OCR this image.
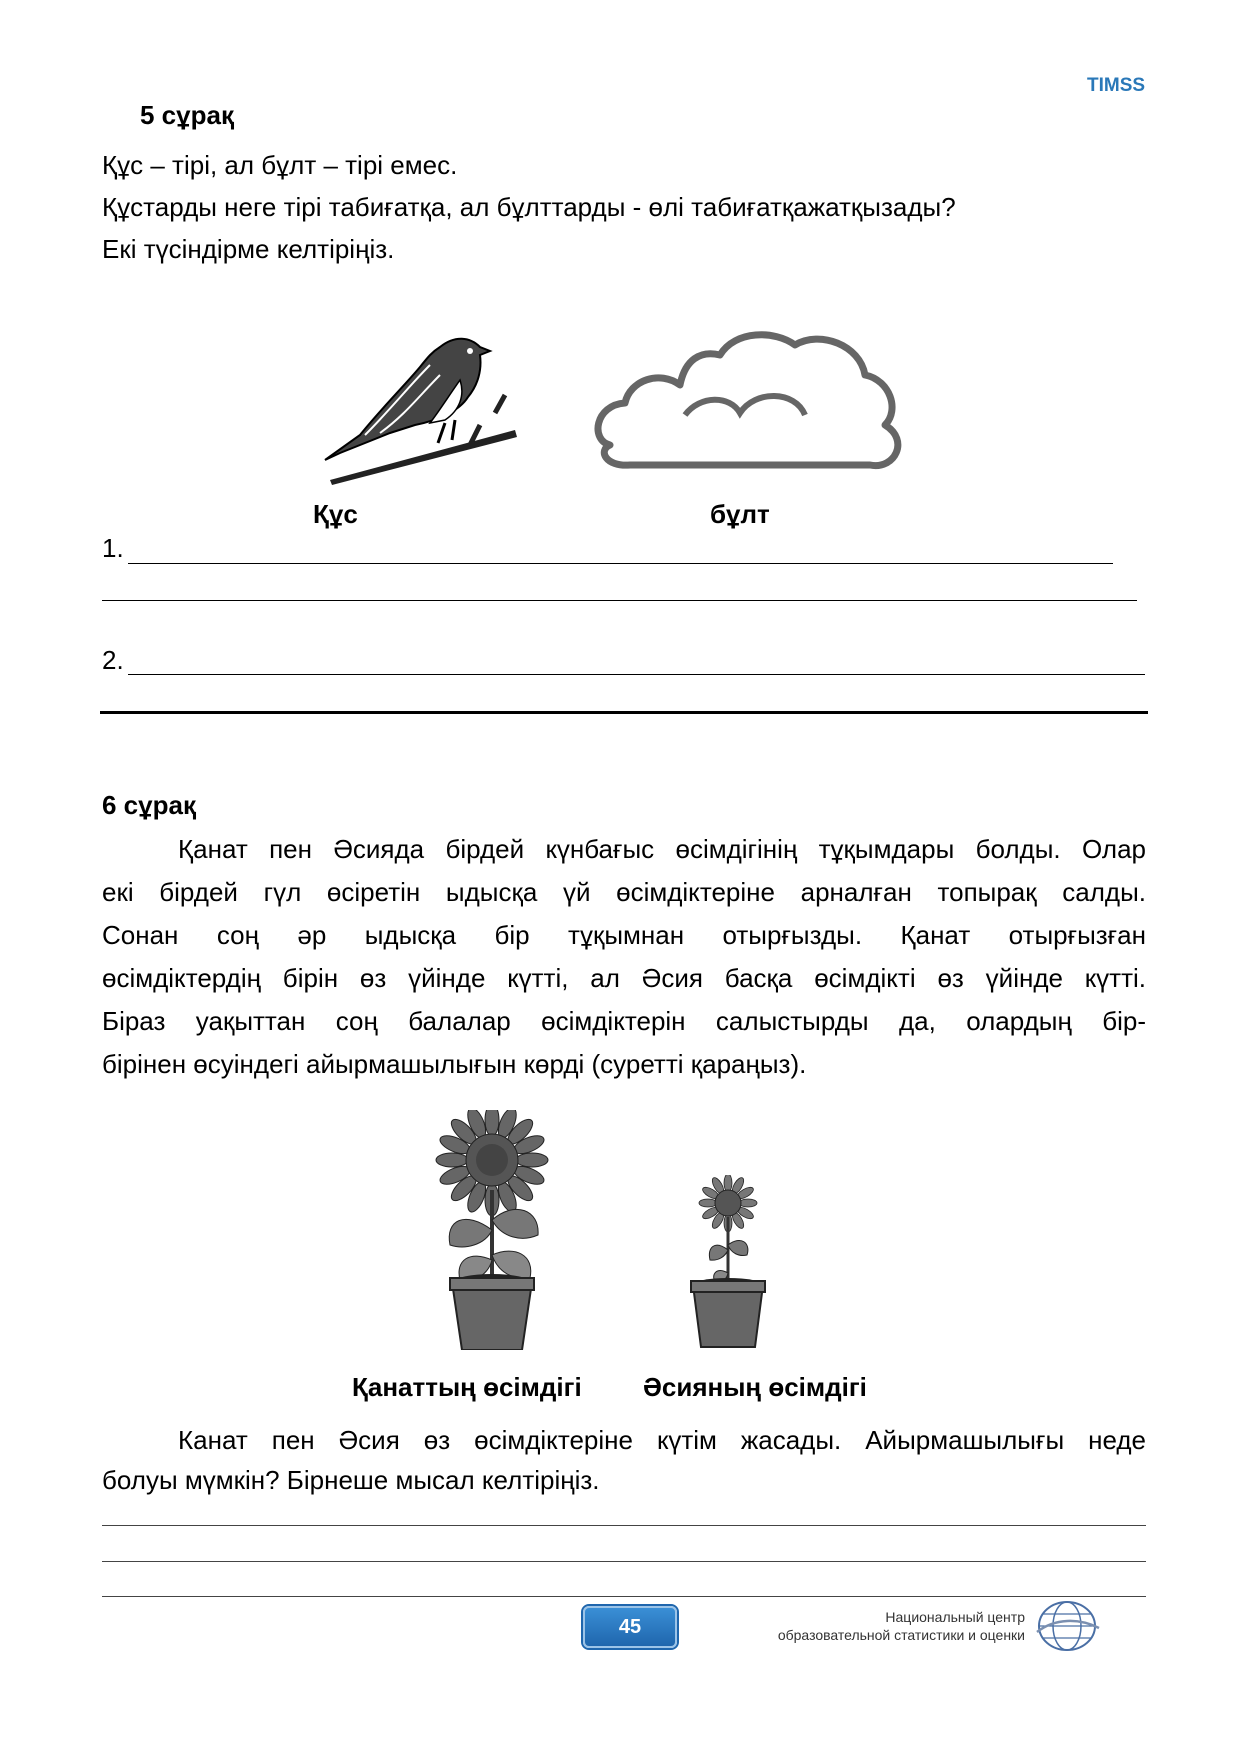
TIMSS
5 сұрақ
Құс – тірі, ал бұлт – тірі емес.
Құстарды неге тірі табиғатқа, ал бұлттарды - өлі табиғатқажатқызады?
Екі түсіндірме келтіріңіз.
Құс	бұлт
1.
2.
6 сұрақ
Қанат пен Әсияда бірдей күнбағыс өсімдігінің тұқымдары болды. Олар
екі бірдей гүл өсіретін ыдысқа үй өсімдіктеріне арналған топырақ салды.
Сонан соң әр ыдысқа бір тұқымнан отырғызды. Қанат отырғызған
өсімдіктердің бірін өз үйінде күтті, ал Әсия басқа өсімдікті өз үйінде күтті.
Біраз уақыттан соң балалар өсімдіктерін салыстырды да, олардың бір-
бірінен өсуіндегі айырмашылығын көрді (суретті қараңыз).
Қанаттың өсімдігі Әсияның өсімдігі
Канат пен Әсия өз өсімдіктеріне күтім жасады. Айырмашылығы неде
болуы мүмкін? Бірнеше мысал келтіріңіз.
45	Национальный центр
образовательной статистики и оценки
